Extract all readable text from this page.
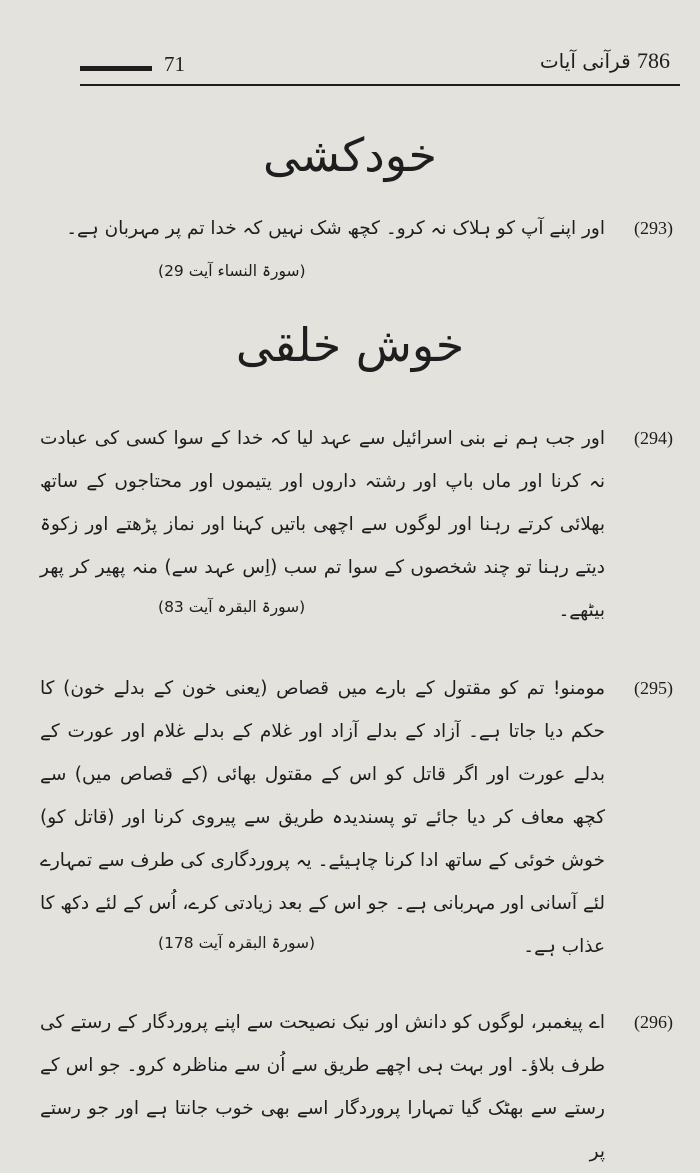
71	786 قرآنی آیات
خودکشی
(293)
اور اپنے آپ کو ہلاک نہ کرو۔ کچھ شک نہیں کہ خدا تم پر مہربان ہے۔
(سورۃ النساء آیت 29)
خوش خلقی
(294)
اور جب ہم نے بنی اسرائیل سے عہد لیا کہ خدا کے سوا کسی کی عبادت نہ کرنا اور ماں باپ اور رشتہ داروں اور یتیموں اور محتاجوں کے ساتھ بھلائی کرتے رہنا اور لوگوں سے اچھی باتیں کہنا اور نماز پڑھتے اور زکوۃ دیتے رہنا تو چند شخصوں کے سوا تم سب (اِس عہد سے) منہ پھیر کر پھر بیٹھے۔
(سورۃ البقرہ آیت 83)
(295)
مومنو! تم کو مقتول کے بارے میں قصاص (یعنی خون کے بدلے خون) کا حکم دیا جاتا ہے۔ آزاد کے بدلے آزاد اور غلام کے بدلے غلام اور عورت کے بدلے عورت اور اگر قاتل کو اس کے مقتول بھائی (کے قصاص میں) سے کچھ معاف کر دیا جائے تو پسندیدہ طریق سے پیروی کرنا اور (قاتل کو) خوش خوئی کے ساتھ ادا کرنا چاہیئے۔ یہ پروردگاری کی طرف سے تمہارے لئے آسانی اور مہربانی ہے۔ جو اس کے بعد زیادتی کرے، اُس کے لئے دکھ کا عذاب ہے۔
(سورۃ البقرہ آیت 178)
(296)
اے پیغمبر، لوگوں کو دانش اور نیک نصیحت سے اپنے پروردگار کے رستے کی طرف بلاؤ۔ اور بہت ہی اچھے طریق سے اُن سے مناظرہ کرو۔ جو اس کے رستے سے بھٹک گیا تمہارا پروردگار اسے بھی خوب جانتا ہے اور جو رستے پر
